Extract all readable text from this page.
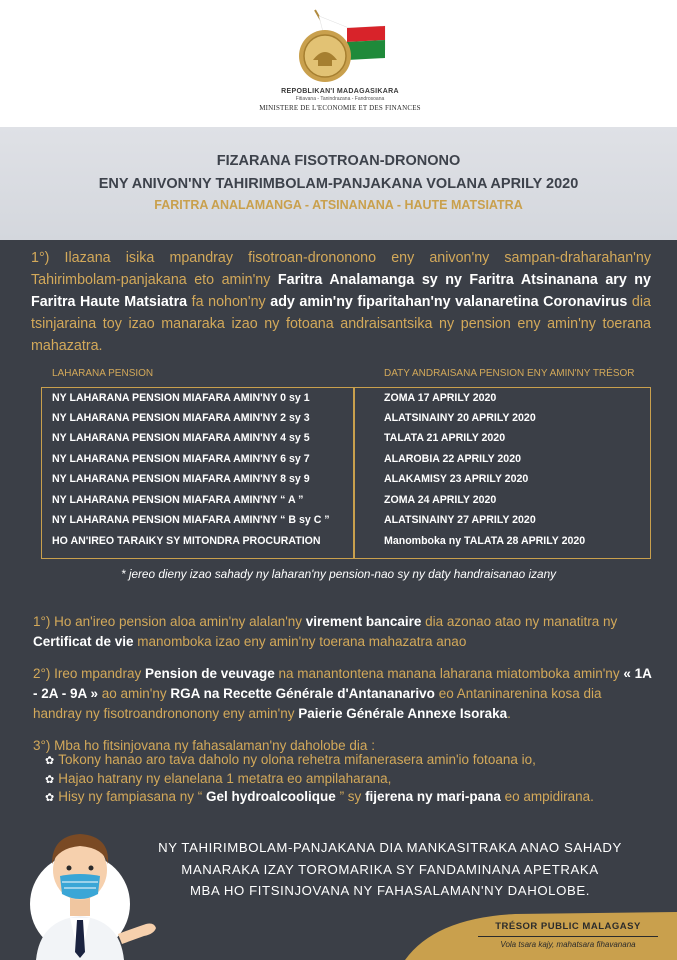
REPOBLIKAN'I MADAGASIKARA
Fitiavana - Tanindrazana - Fandrosoana
MINISTERE DE L'ECONOMIE ET DES FINANCES
FIZARANA FISOTROAN-DRONONO
ENY ANIVON'NY TAHIRIMBOLAM-PANJAKANA VOLANA APRILY 2020
FARITRA ANALAMANGA - ATSINANANA - HAUTE MATSIATRA
1°) Ilazana isika mpandray fisotroan-drononono eny anivon'ny sampan-draharahan'ny Tahirimbolam-panjakana eto amin'ny Faritra Analamanga sy ny Faritra Atsinanana ary ny Faritra Haute Matsiatra fa nohon'ny ady amin'ny fiparitahan'ny valanaretina Coronavirus dia tsinjaraina toy izao manaraka izao ny fotoana andraisantsika ny pension eny amin'ny toerana mahazatra.
LAHARANA PENSION	DATY ANDRAISANA PENSION ENY AMIN'NY TRÉSOR
NY LAHARANA PENSION MIAFARA AMIN'NY 0 sy 1	ZOMA 17 APRILY 2020
NY LAHARANA PENSION MIAFARA AMIN'NY 2 sy 3	ALATSINAINY 20 APRILY 2020
NY LAHARANA PENSION MIAFARA AMIN'NY 4 sy 5	TALATA 21 APRILY 2020
NY LAHARANA PENSION MIAFARA AMIN'NY 6 sy 7	ALAROBIA 22 APRILY 2020
NY LAHARANA PENSION MIAFARA AMIN'NY 8 sy 9	ALAKAMISY 23 APRILY 2020
NY LAHARANA PENSION MIAFARA AMIN'NY “ A ”	ZOMA 24 APRILY 2020
NY LAHARANA PENSION MIAFARA AMIN'NY “ B sy C ”	ALATSINAINY 27 APRILY 2020
HO AN'IREO TARAIKY SY MITONDRA PROCURATION	Manomboka ny TALATA 28 APRILY 2020
* jereo dieny izao sahady ny laharan'ny pension-nao sy ny daty handraisanao izany
1°) Ho an'ireo pension aloa amin'ny alalan'ny virement bancaire dia azonao atao ny manatitra ny Certificat de vie manomboka izao eny amin'ny toerana mahazatra anao
2°) Ireo mpandray Pension de veuvage na manantontena manana laharana miatomboka amin'ny « 1A - 2A - 9A » ao amin'ny RGA na Recette Générale d'Antananarivo eo Antaninarenina kosa dia handray ny fisotroandrononony eny amin'ny Paierie Générale Annexe Isoraka.
3°) Mba ho fitsinjovana ny fahasalaman'ny daholobe dia :
✿ Tokony hanao aro tava daholo ny olona rehetra mifanerasera amin'io fotoana io,
✿ Hajao hatrany ny elanelana 1 metatra eo ampilaharana,
✿ Hisy ny fampiasana ny “ Gel hydroalcoolique ” sy fijerena ny mari-pana eo ampidirana.
NY TAHIRIMBOLAM-PANJAKANA DIA MANKASITRAKA ANAO SAHADY
MANARAKA IZAY TOROMARIKA SY FANDAMINANA APETRAKA
MBA HO FITSINJOVANA NY FAHASALAMAN'NY DAHOLOBE.
TRÉSOR PUBLIC MALAGASY
Vola tsara kajy, mahatsara fihavanana
